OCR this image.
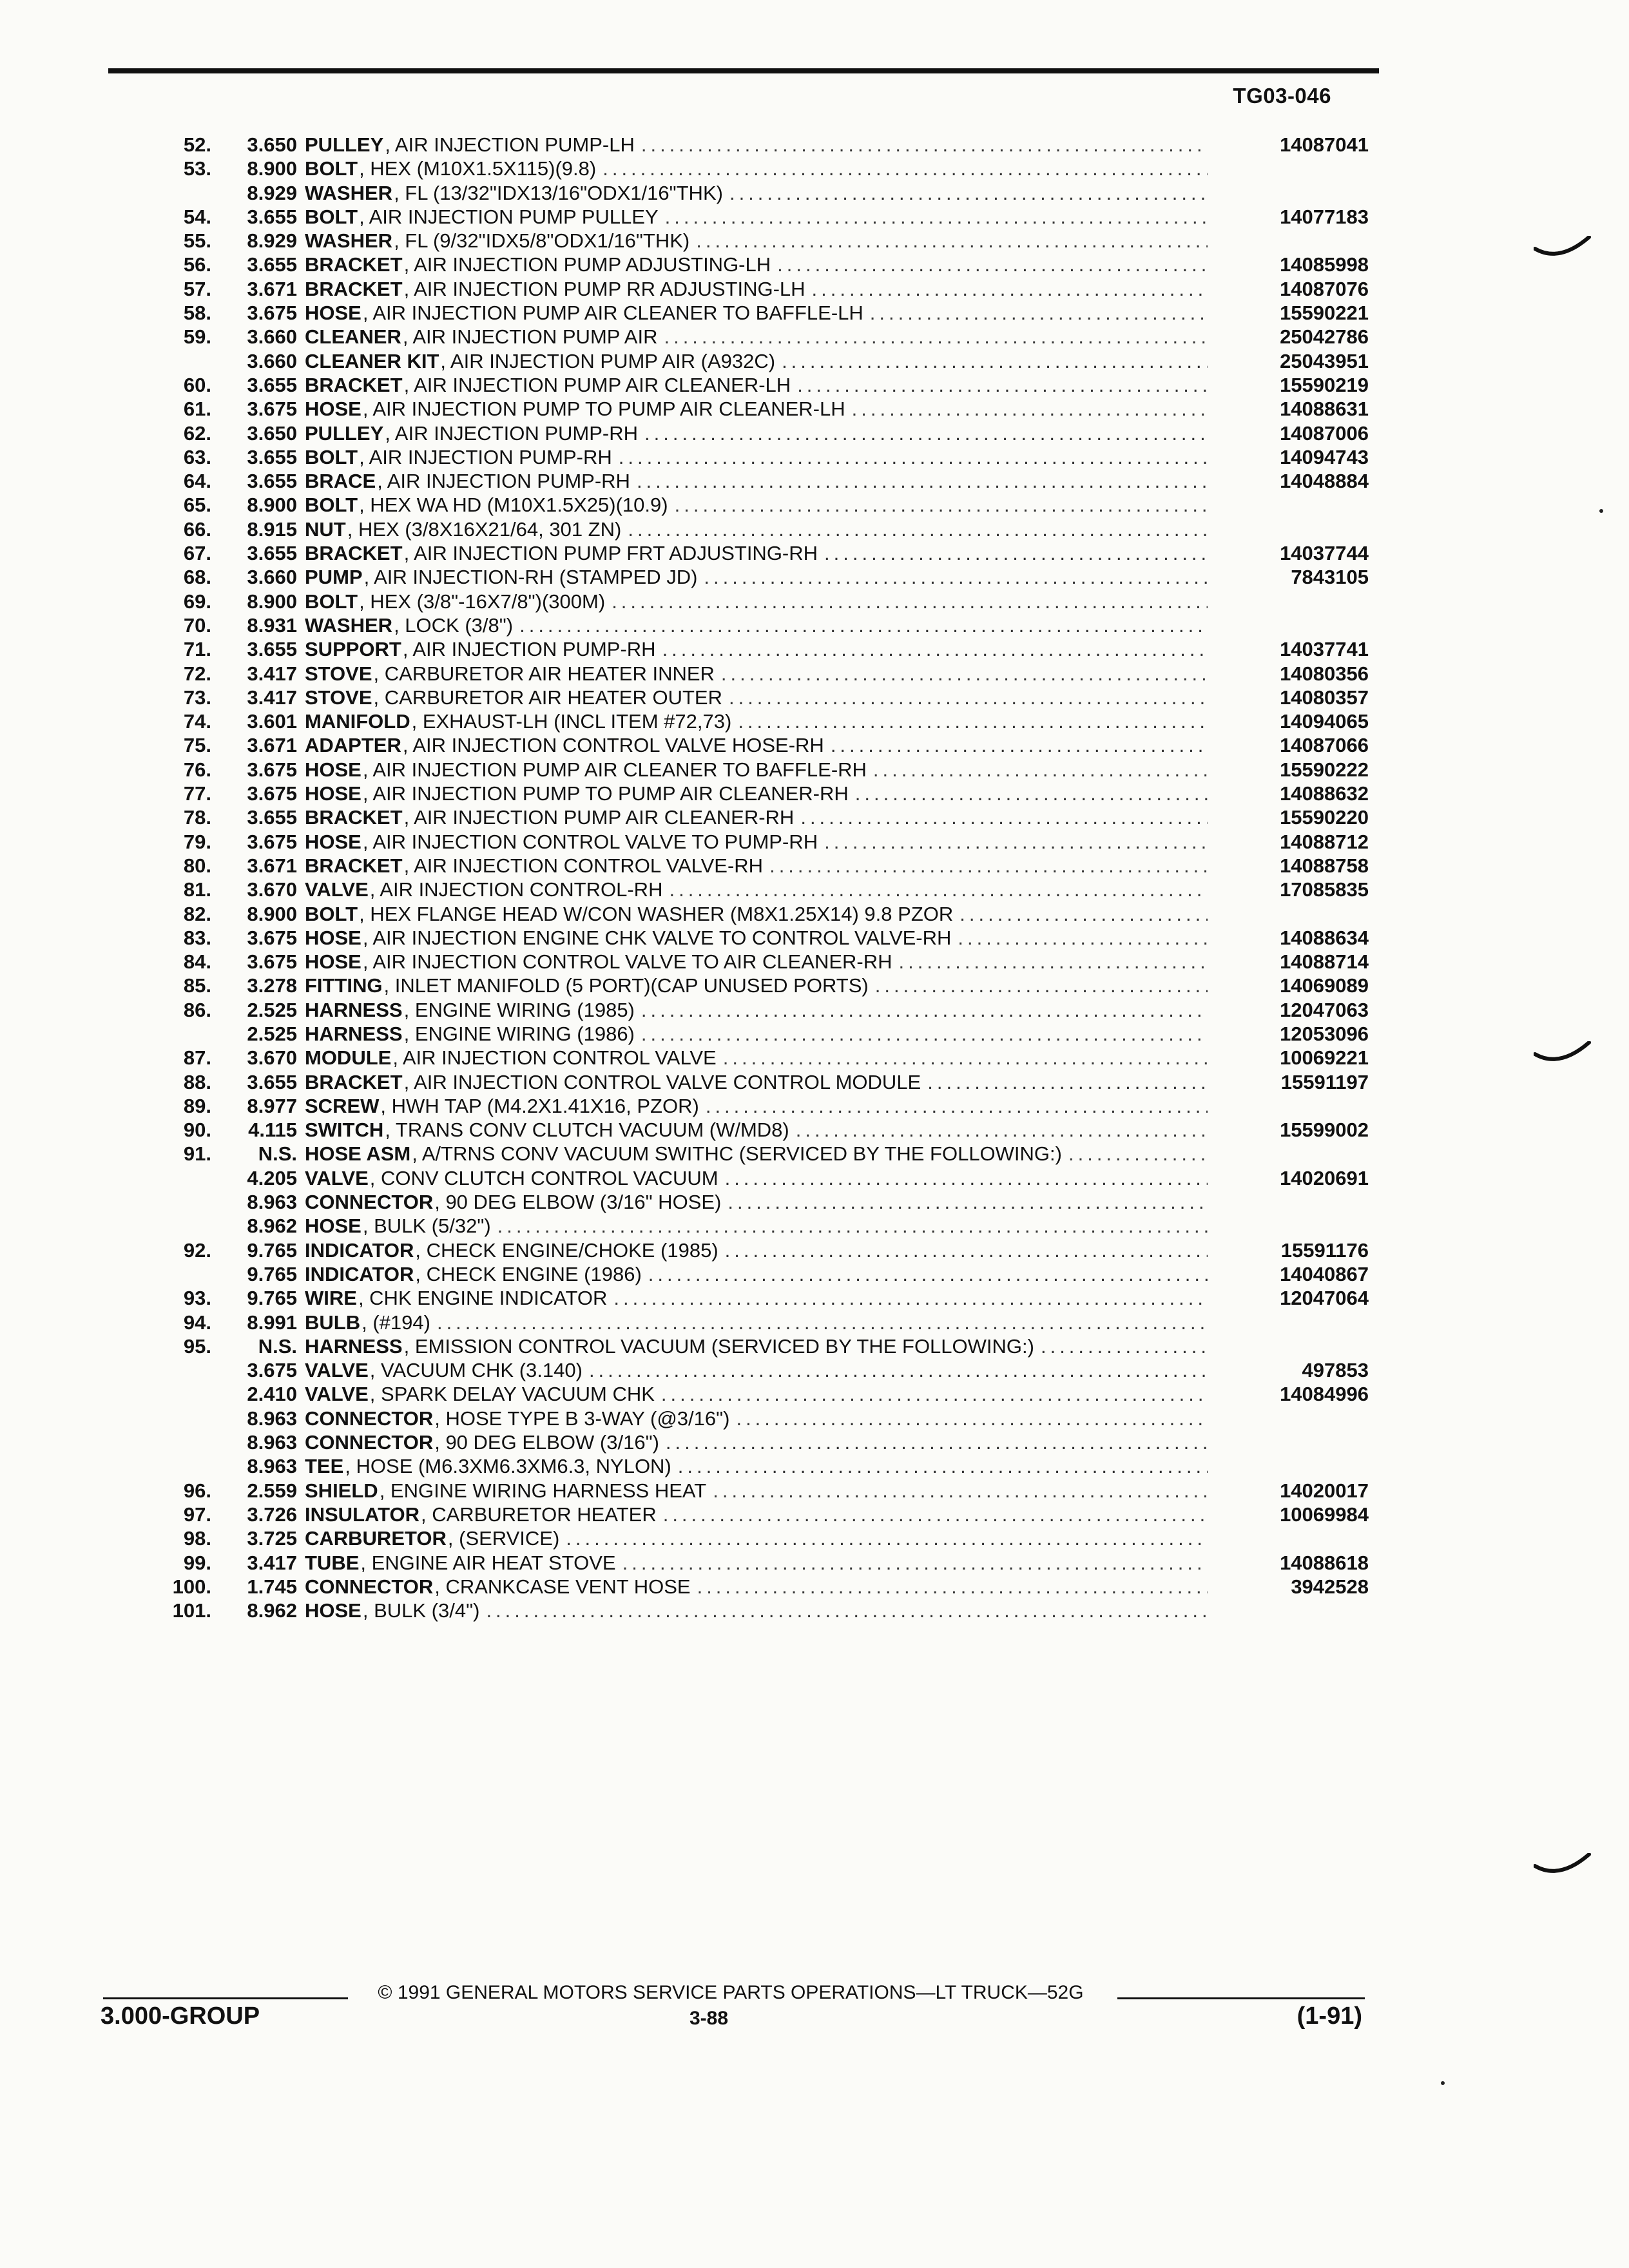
TG03-046
52.	3.650 PULLEY , AIR INJECTION PUMP-LH .....	14087041
53.	8.900 BOLT , HEX (M10X1.5X115)(9.8)
.....
8.929 WASHER , FL (13/32"IDX13/16"ODX1/16"THK)
.....
54.	3.655 BOLT , AIR INJECTION PUMP PULLEY .....	14077183
55.	8.929 WASHER , FL (9/32"IDX5/8"ODX1/16"THK)
.....
56.	3.655 BRACKET , AIR INJECTION PUMP ADJUSTING-LH .....	14085998
57.	3.671 BRACKET , AIR INJECTION PUMP RR ADJUSTING-LH .....	14087076
58.	3.675 HOSE , AIR INJECTION PUMP AIR CLEANER TO BAFFLE-LH .....	15590221
59.	3.660 CLEANER , AIR INJECTION PUMP AIR .....	25042786
3.660 CLEANER KIT , AIR INJECTION PUMP AIR (A932C) .....	25043951
60.	3.655 BRACKET , AIR INJECTION PUMP AIR CLEANER-LH .....	15590219
61.	3.675 HOSE , AIR INJECTION PUMP TO PUMP AIR CLEANER-LH .....	14088631
62.	3.650 PULLEY , AIR INJECTION PUMP-RH .....	14087006
63.	3.655 BOLT , AIR INJECTION PUMP-RH .....	14094743
64.	3.655 BRACE , AIR INJECTION PUMP-RH .....	14048884
65.	8.900 BOLT , HEX WA HD (M10X1.5X25)(10.9)
.....
66.	8.915 NUT , HEX (3/8X16X21/64, 301 ZN)
.....
67.	3.655 BRACKET , AIR INJECTION PUMP FRT ADJUSTING-RH .....	14037744
68.	3.660 PUMP , AIR INJECTION-RH (STAMPED JD) .....	7843105
69.	8.900 BOLT , HEX (3/8"-16X7/8")(300M)
.....
70.	8.931 WASHER , LOCK (3/8")
.....
71.	3.655 SUPPORT , AIR INJECTION PUMP-RH .....	14037741
72.	3.417 STOVE , CARBURETOR AIR HEATER INNER .....	14080356
73.	3.417 STOVE , CARBURETOR AIR HEATER OUTER .....	14080357
74.	3.601 MANIFOLD , EXHAUST-LH (INCL ITEM #72,73) .....	14094065
75.	3.671 ADAPTER , AIR INJECTION CONTROL VALVE HOSE-RH .....	14087066
76.	3.675 HOSE , AIR INJECTION PUMP AIR CLEANER TO BAFFLE-RH .....	15590222
77.	3.675 HOSE , AIR INJECTION PUMP TO PUMP AIR CLEANER-RH .....	14088632
78.	3.655 BRACKET , AIR INJECTION PUMP AIR CLEANER-RH .....	15590220
79.	3.675 HOSE , AIR INJECTION CONTROL VALVE TO PUMP-RH .....	14088712
80.	3.671 BRACKET , AIR INJECTION CONTROL VALVE-RH .....	14088758
81.	3.670 VALVE , AIR INJECTION CONTROL-RH .....	17085835
82.	8.900 BOLT , HEX FLANGE HEAD W/CON WASHER (M8X1.25X14) 9.8 PZOR
.....
83.	3.675 HOSE , AIR INJECTION ENGINE CHK VALVE TO CONTROL VALVE-RH .....	14088634
84.	3.675 HOSE , AIR INJECTION CONTROL VALVE TO AIR CLEANER-RH .....	14088714
85.	3.278 FITTING , INLET MANIFOLD (5 PORT)(CAP UNUSED PORTS) .....	14069089
86.	2.525 HARNESS , ENGINE WIRING (1985) .....	12047063
2.525 HARNESS , ENGINE WIRING (1986) .....	12053096
87.	3.670 MODULE , AIR INJECTION CONTROL VALVE .....	10069221
88.	3.655 BRACKET , AIR INJECTION CONTROL VALVE CONTROL MODULE .....	15591197
89.	8.977 SCREW , HWH TAP (M4.2X1.41X16, PZOR)
.....
90.	4.115 SWITCH , TRANS CONV CLUTCH VACUUM (W/MD8) .....	15599002
91.	N.S. HOSE ASM , A/TRNS CONV VACUUM SWITHC (SERVICED BY THE FOLLOWING:)
.....
4.205 VALVE , CONV CLUTCH CONTROL VACUUM .....	14020691
8.963 CONNECTOR , 90 DEG ELBOW (3/16" HOSE)
.....
8.962 HOSE , BULK (5/32")
.....
92.	9.765 INDICATOR , CHECK ENGINE/CHOKE (1985) .....	15591176
9.765 INDICATOR , CHECK ENGINE (1986) .....	14040867
93.	9.765 WIRE , CHK ENGINE INDICATOR .....	12047064
94.	8.991 BULB , (#194)
.....
95.	N.S. HARNESS , EMISSION CONTROL VACUUM (SERVICED BY THE FOLLOWING:)
.....
3.675 VALVE , VACUUM CHK (3.140) .....	497853
2.410 VALVE , SPARK DELAY VACUUM CHK .....	14084996
8.963 CONNECTOR , HOSE TYPE B 3-WAY (@3/16")
.....
8.963 CONNECTOR , 90 DEG ELBOW (3/16")
.....
8.963 TEE , HOSE (M6.3XM6.3XM6.3, NYLON)
.....
96.	2.559 SHIELD , ENGINE WIRING HARNESS HEAT .....	14020017
97.	3.726 INSULATOR , CARBURETOR HEATER .....	10069984
98.	3.725 CARBURETOR , (SERVICE)
.....
99.	3.417 TUBE , ENGINE AIR HEAT STOVE .....	14088618
100.	1.745 CONNECTOR , CRANKCASE VENT HOSE .....	3942528
101.	8.962 HOSE , BULK (3/4")
.....
© 1991 GENERAL MOTORS SERVICE PARTS OPERATIONS—LT TRUCK—52G
3.000-GROUP	3-88	(1-91)
